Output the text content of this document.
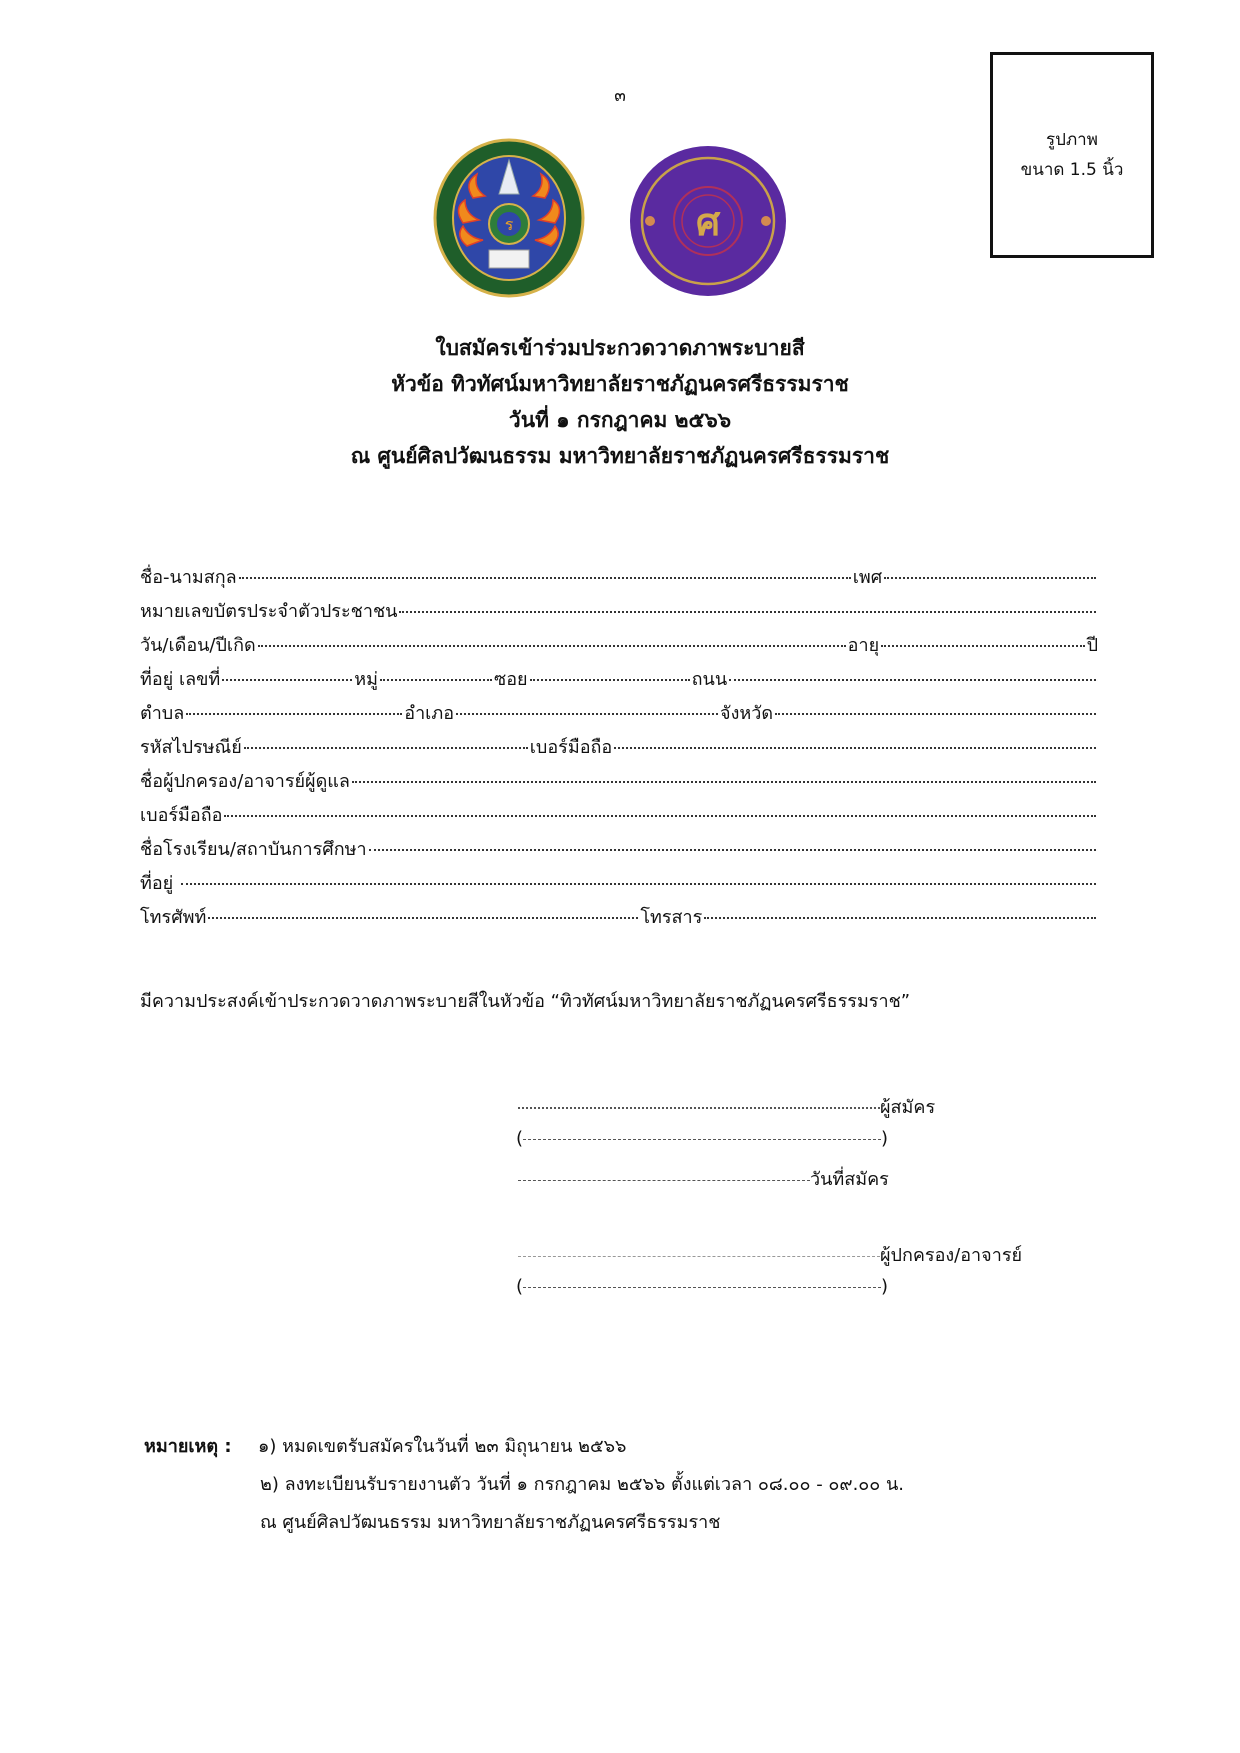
๓
ร	ศ
รูปภาพ
ขนาด 1.5 นิ้ว
ใบสมัครเข้าร่วมประกวดวาดภาพระบายสี
หัวข้อ ทิวทัศน์มหาวิทยาลัยราชภัฏนครศรีธรรมราช
วันที่ ๑ กรกฎาคม ๒๕๖๖
ณ ศูนย์ศิลปวัฒนธรรม มหาวิทยาลัยราชภัฏนครศรีธรรมราช
ชื่อ-นามสกุล	เพศ
หมายเลขบัตรประจำตัวประชาชน
วัน/เดือน/ปีเกิด	อายุ	ปี
ที่อยู่ เลขที่	หมู่	ซอย	ถนน
ตำบล	อำเภอ	จังหวัด
รหัสไปรษณีย์	เบอร์มือถือ
ชื่อผู้ปกครอง/อาจารย์ผู้ดูแล
เบอร์มือถือ
ชื่อโรงเรียน/สถาบันการศึกษา
ที่อยู่
โทรศัพท์	โทรสาร
มีความประสงค์เข้าประกวดวาดภาพระบายสีในหัวข้อ “ทิวทัศน์มหาวิทยาลัยราชภัฏนครศรีธรรมราช”
ผู้สมัคร
(	)
วันที่สมัคร
ผู้ปกครอง/อาจารย์
(	)
หมายเหตุ : ๑) หมดเขตรับสมัครในวันที่ ๒๓ มิถุนายน ๒๕๖๖
๒) ลงทะเบียนรับรายงานตัว วันที่ ๑ กรกฎาคม ๒๕๖๖ ตั้งแต่เวลา ๐๘.๐๐ - ๐๙.๐๐ น.
ณ ศูนย์ศิลปวัฒนธรรม มหาวิทยาลัยราชภัฏนครศรีธรรมราช
